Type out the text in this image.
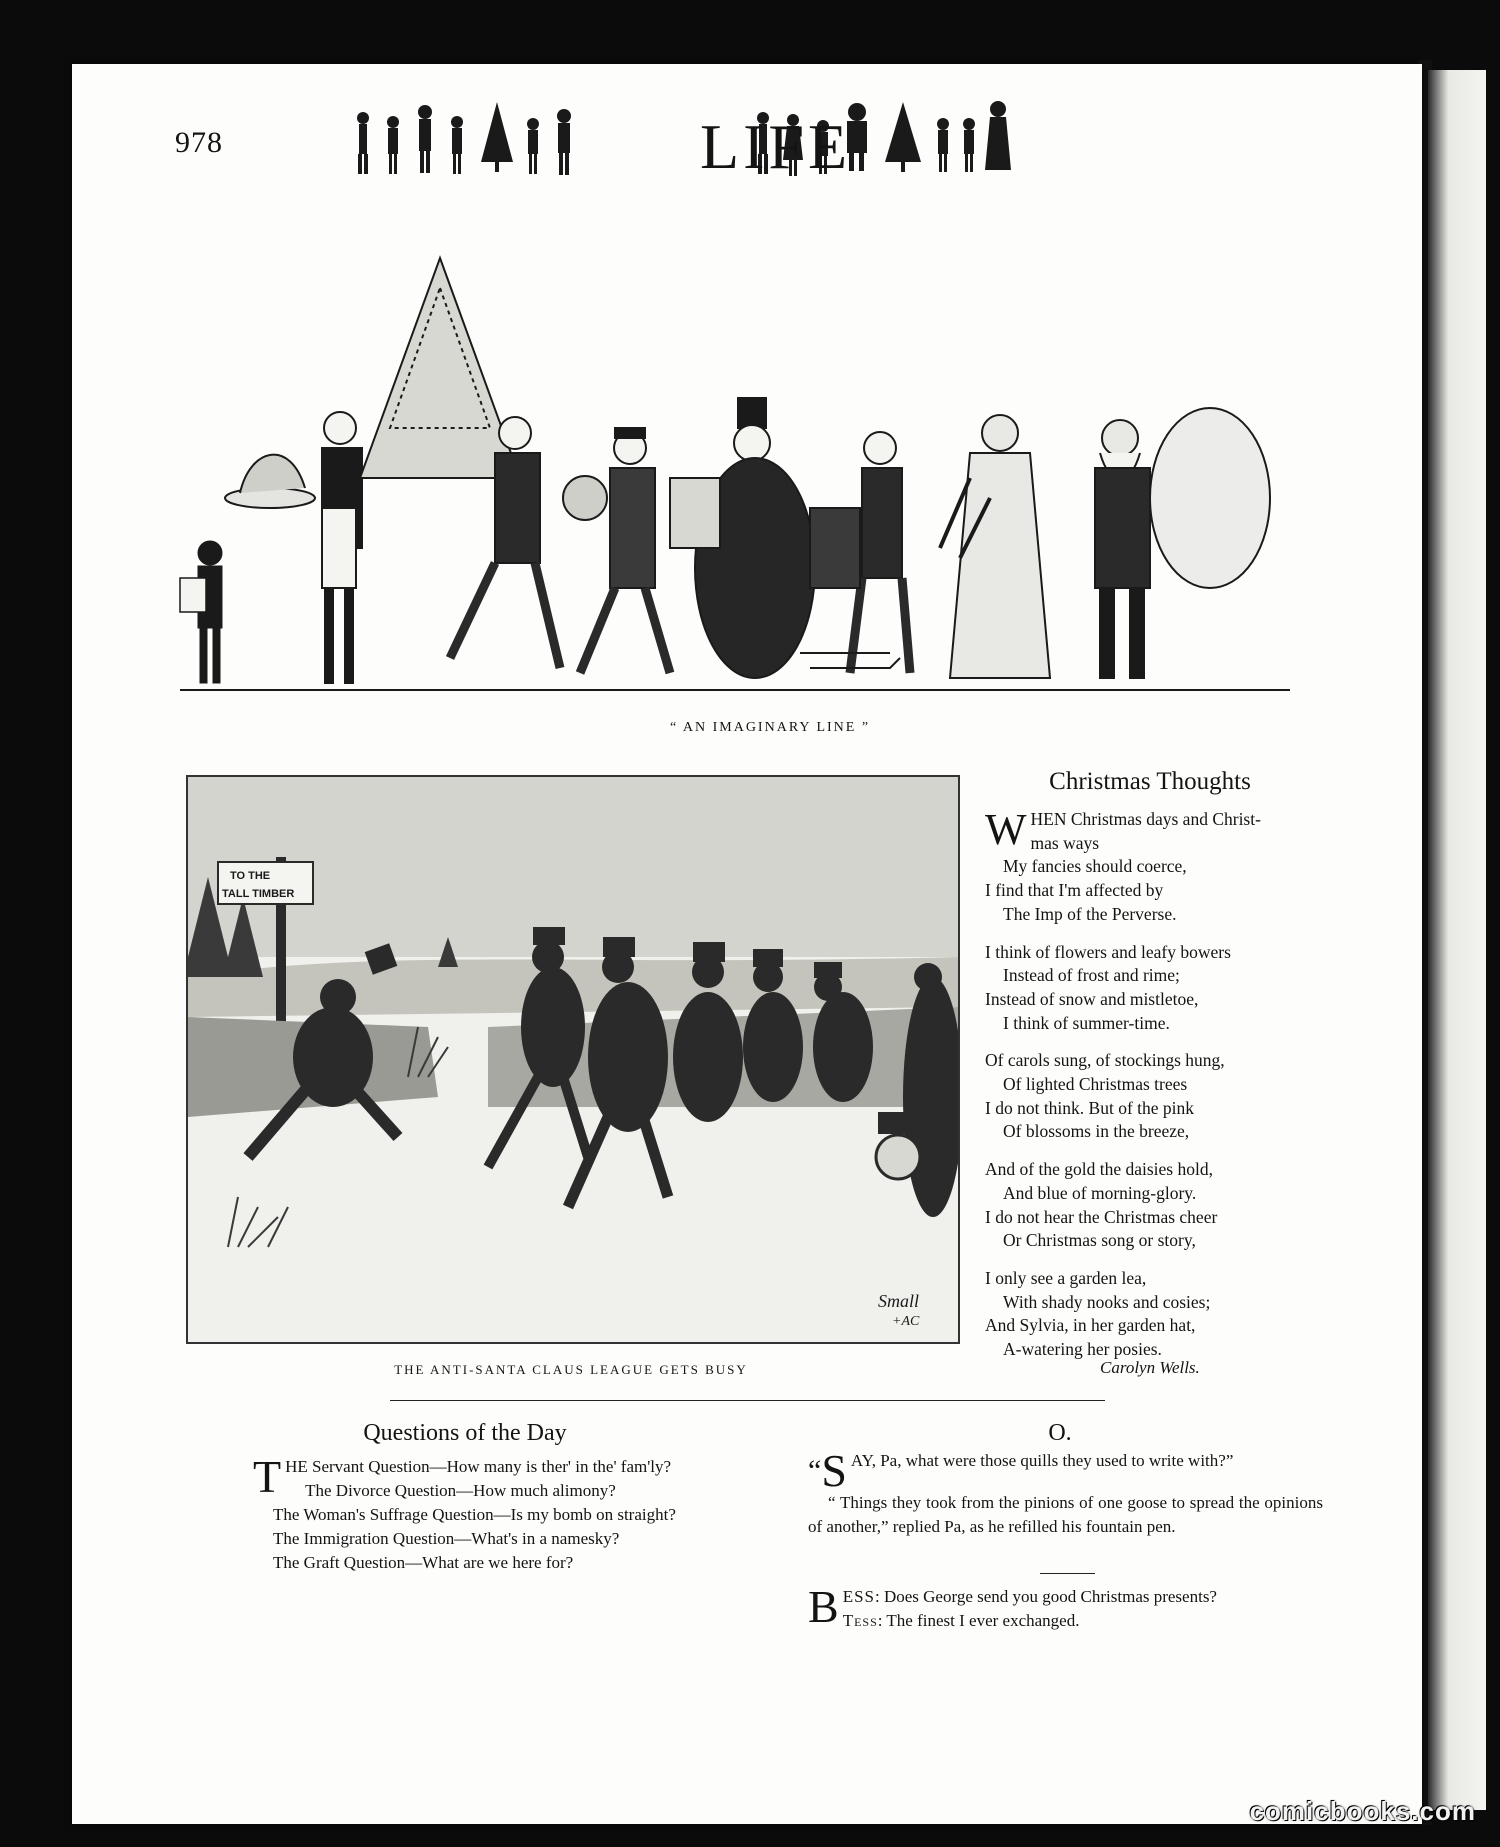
978	LIFE
“ AN IMAGINARY LINE ”
TO THE
TALL TIMBER
Small
+AC
THE ANTI-SANTA CLAUS LEAGUE GETS BUSY
Christmas Thoughts
W HEN Christmas days and Christ-
mas ways
My fancies should coerce,
I find that I'm affected by
The Imp of the Perverse.
I think of flowers and leafy bowers
Instead of frost and rime;
Instead of snow and mistletoe,
I think of summer-time.
Of carols sung, of stockings hung,
Of lighted Christmas trees
I do not think. But of the pink
Of blossoms in the breeze,
And of the gold the daisies hold,
And blue of morning-glory.
I do not hear the Christmas cheer
Or Christmas song or story,
I only see a garden lea,
With shady nooks and cosies;
And Sylvia, in her garden hat,
A-watering her posies.
Carolyn Wells.
Questions of the Day

THE Servant Question—How many is ther' in the' fam'ly?

The Divorce Question—How much alimony?

The Woman's Suffrage Question—Is my bomb on straight?

The Immigration Question—What's in a namesky?

The Graft Question—What are we here for?

O.

“S AY, Pa, what were those quills they used to write with?”

“ Things they took from the pinions of one goose to spread the opinions of another,” replied Pa, as he refilled his fountain pen.

BESS: Does George send you good Christmas presents?
Tess: The finest I ever exchanged.

comicbooks.com
